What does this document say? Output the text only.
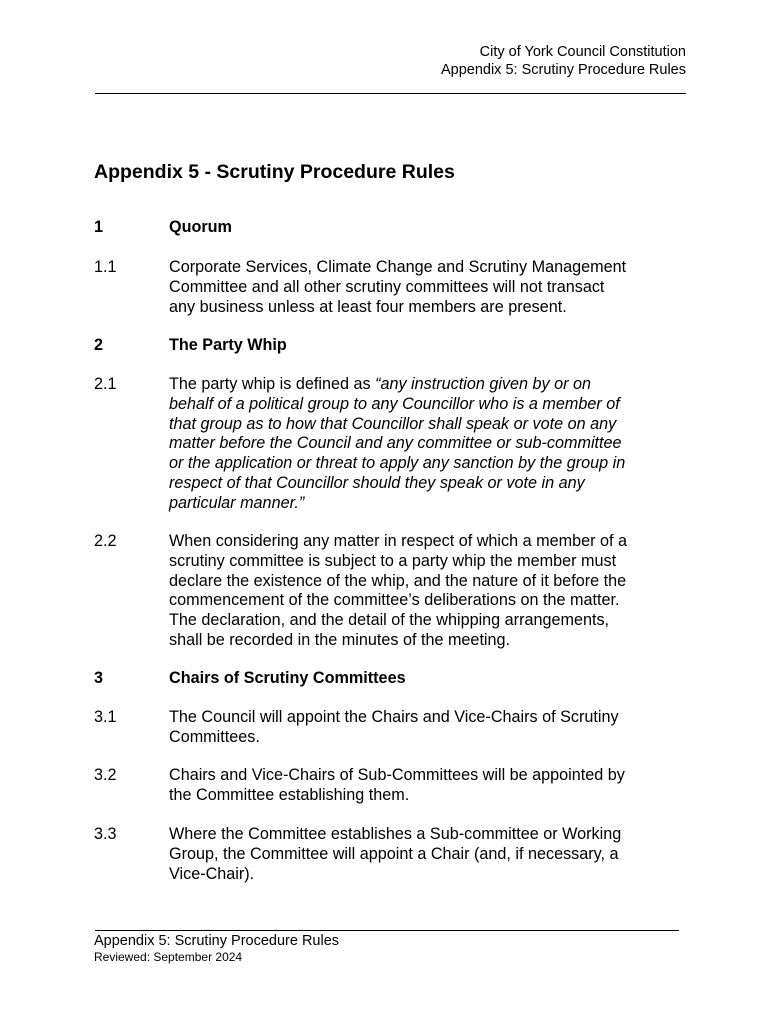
City of York Council Constitution
Appendix 5: Scrutiny Procedure Rules
Appendix 5 - Scrutiny Procedure Rules
1	Quorum
1.1	Corporate Services, Climate Change and Scrutiny Management
Committee and all other scrutiny committees will not transact
any business unless at least four members are present.
2	The Party Whip
2.1	The party whip is defined as “any instruction given by or on
behalf of a political group to any Councillor who is a member of
that group as to how that Councillor shall speak or vote on any
matter before the Council and any committee or sub-committee
or the application or threat to apply any sanction by the group in
respect of that Councillor should they speak or vote in any
particular manner.”
2.2	When considering any matter in respect of which a member of a
scrutiny committee is subject to a party whip the member must
declare the existence of the whip, and the nature of it before the
commencement of the committee’s deliberations on the matter.
The declaration, and the detail of the whipping arrangements,
shall be recorded in the minutes of the meeting.
3	Chairs of Scrutiny Committees
3.1	The Council will appoint the Chairs and Vice-Chairs of Scrutiny
Committees.
3.2	Chairs and Vice-Chairs of Sub-Committees will be appointed by
the Committee establishing them.
3.3	Where the Committee establishes a Sub-committee or Working
Group, the Committee will appoint a Chair (and, if necessary, a
Vice-Chair).
Appendix 5: Scrutiny Procedure Rules
Reviewed: September 2024
